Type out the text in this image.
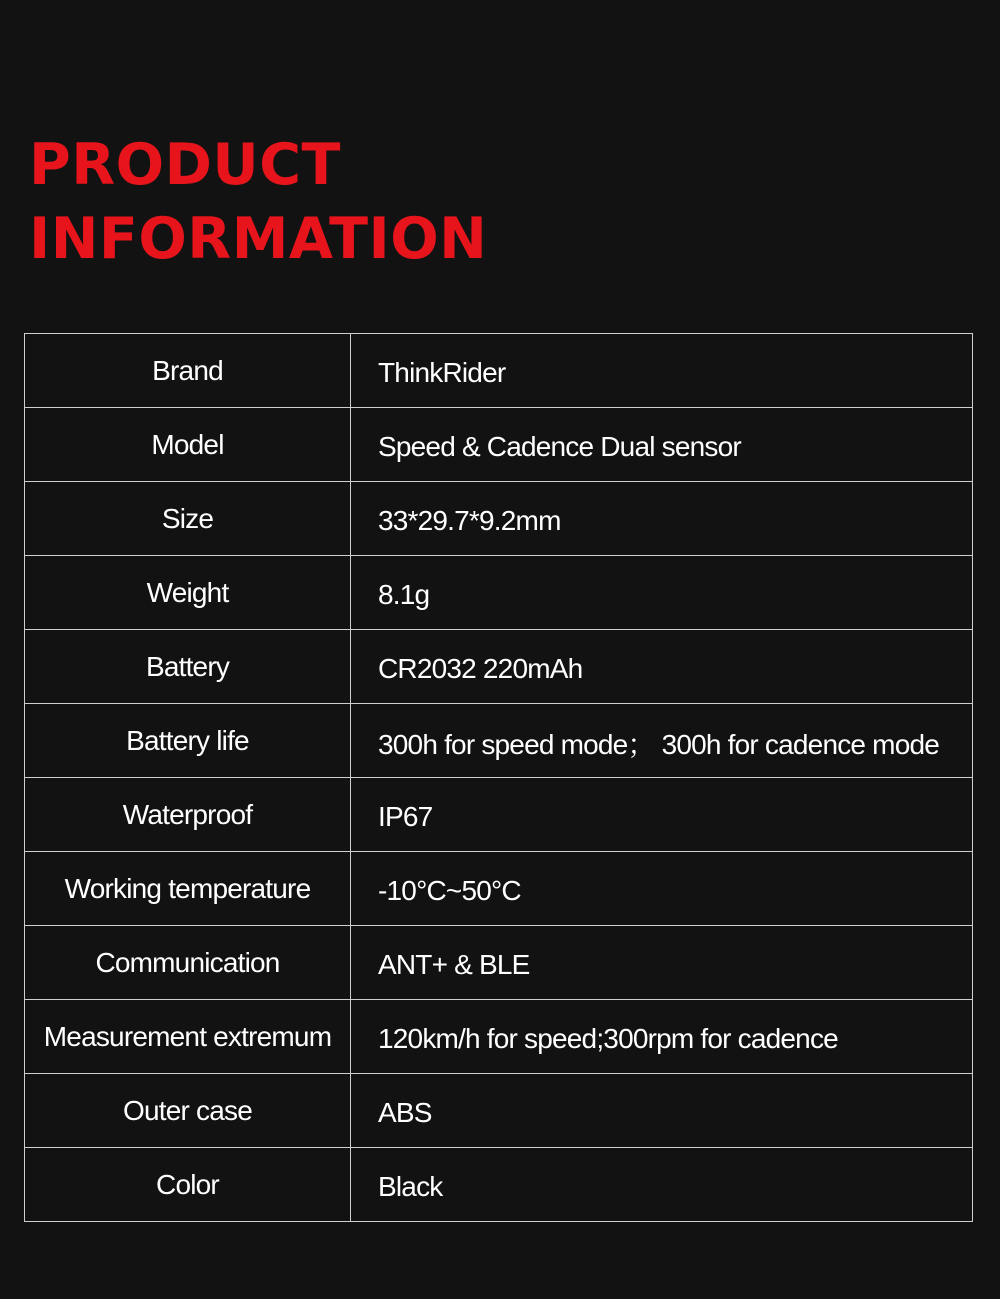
PRODUCT
INFORMATION
Brand	ThinkRider
Model	Speed & Cadence Dual sensor
Size	33*29.7*9.2mm
Weight	8.1g
Battery	CR2032 220mAh
Battery life	300h for speed mode； 300h for cadence mode
Waterproof	IP67
Working temperature	-10°C~50°C
Communication	ANT+ & BLE
Measurement extremum	120km/h for speed;300rpm for cadence
Outer case	ABS
Color	Black
